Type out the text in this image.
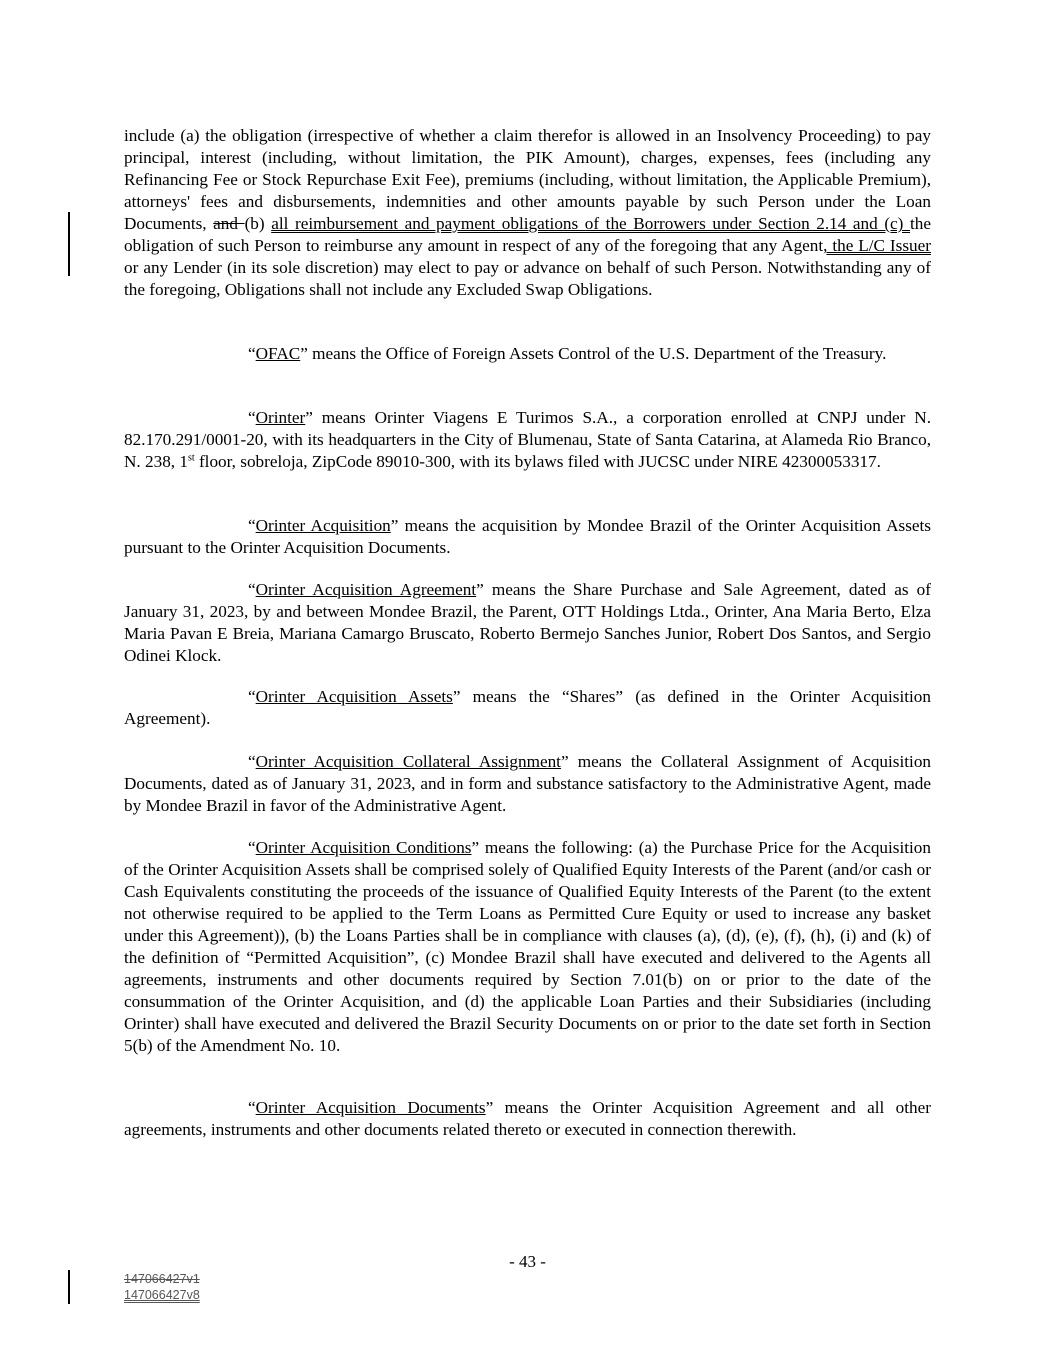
include (a) the obligation (irrespective of whether a claim therefor is allowed in an Insolvency Proceeding) to pay principal, interest (including, without limitation, the PIK Amount), charges, expenses, fees (including any Refinancing Fee or Stock Repurchase Exit Fee), premiums (including, without limitation, the Applicable Premium), attorneys' fees and disbursements, indemnities and other amounts payable by such Person under the Loan Documents, and (b) all reimbursement and payment obligations of the Borrowers under Section 2.14 and (c) the obligation of such Person to reimburse any amount in respect of any of the foregoing that any Agent, the L/C Issuer or any Lender (in its sole discretion) may elect to pay or advance on behalf of such Person. Notwithstanding any of the foregoing, Obligations shall not include any Excluded Swap Obligations.

“OFAC” means the Office of Foreign Assets Control of the U.S. Department of the Treasury.

“Orinter” means Orinter Viagens E Turimos S.A., a corporation enrolled at CNPJ under N. 82.170.291/0001-20, with its headquarters in the City of Blumenau, State of Santa Catarina, at Alameda Rio Branco, N. 238, 1st floor, sobreloja, ZipCode 89010-300, with its bylaws filed with JUCSC under NIRE 42300053317.

“Orinter Acquisition” means the acquisition by Mondee Brazil of the Orinter Acquisition Assets pursuant to the Orinter Acquisition Documents.

“Orinter Acquisition Agreement” means the Share Purchase and Sale Agreement, dated as of January 31, 2023, by and between Mondee Brazil, the Parent, OTT Holdings Ltda., Orinter, Ana Maria Berto, Elza Maria Pavan E Breia, Mariana Camargo Bruscato, Roberto Bermejo Sanches Junior, Robert Dos Santos, and Sergio Odinei Klock.

“Orinter Acquisition Assets” means the “Shares” (as defined in the Orinter Acquisition Agreement).

“Orinter Acquisition Collateral Assignment” means the Collateral Assignment of Acquisition Documents, dated as of January 31, 2023, and in form and substance satisfactory to the Administrative Agent, made by Mondee Brazil in favor of the Administrative Agent.

“Orinter Acquisition Conditions” means the following: (a) the Purchase Price for the Acquisition of the Orinter Acquisition Assets shall be comprised solely of Qualified Equity Interests of the Parent (and/or cash or Cash Equivalents constituting the proceeds of the issuance of Qualified Equity Interests of the Parent (to the extent not otherwise required to be applied to the Term Loans as Permitted Cure Equity or used to increase any basket under this Agreement)), (b) the Loans Parties shall be in compliance with clauses (a), (d), (e), (f), (h), (i) and (k) of the definition of “Permitted Acquisition”, (c) Mondee Brazil shall have executed and delivered to the Agents all agreements, instruments and other documents required by Section 7.01(b) on or prior to the date of the consummation of the Orinter Acquisition, and (d) the applicable Loan Parties and their Subsidiaries (including Orinter) shall have executed and delivered the Brazil Security Documents on or prior to the date set forth in Section 5(b) of the Amendment No. 10.

“Orinter Acquisition Documents” means the Orinter Acquisition Agreement and all other agreements, instruments and other documents related thereto or executed in connection therewith.

- 43 -
147066427v1
147066427v8
